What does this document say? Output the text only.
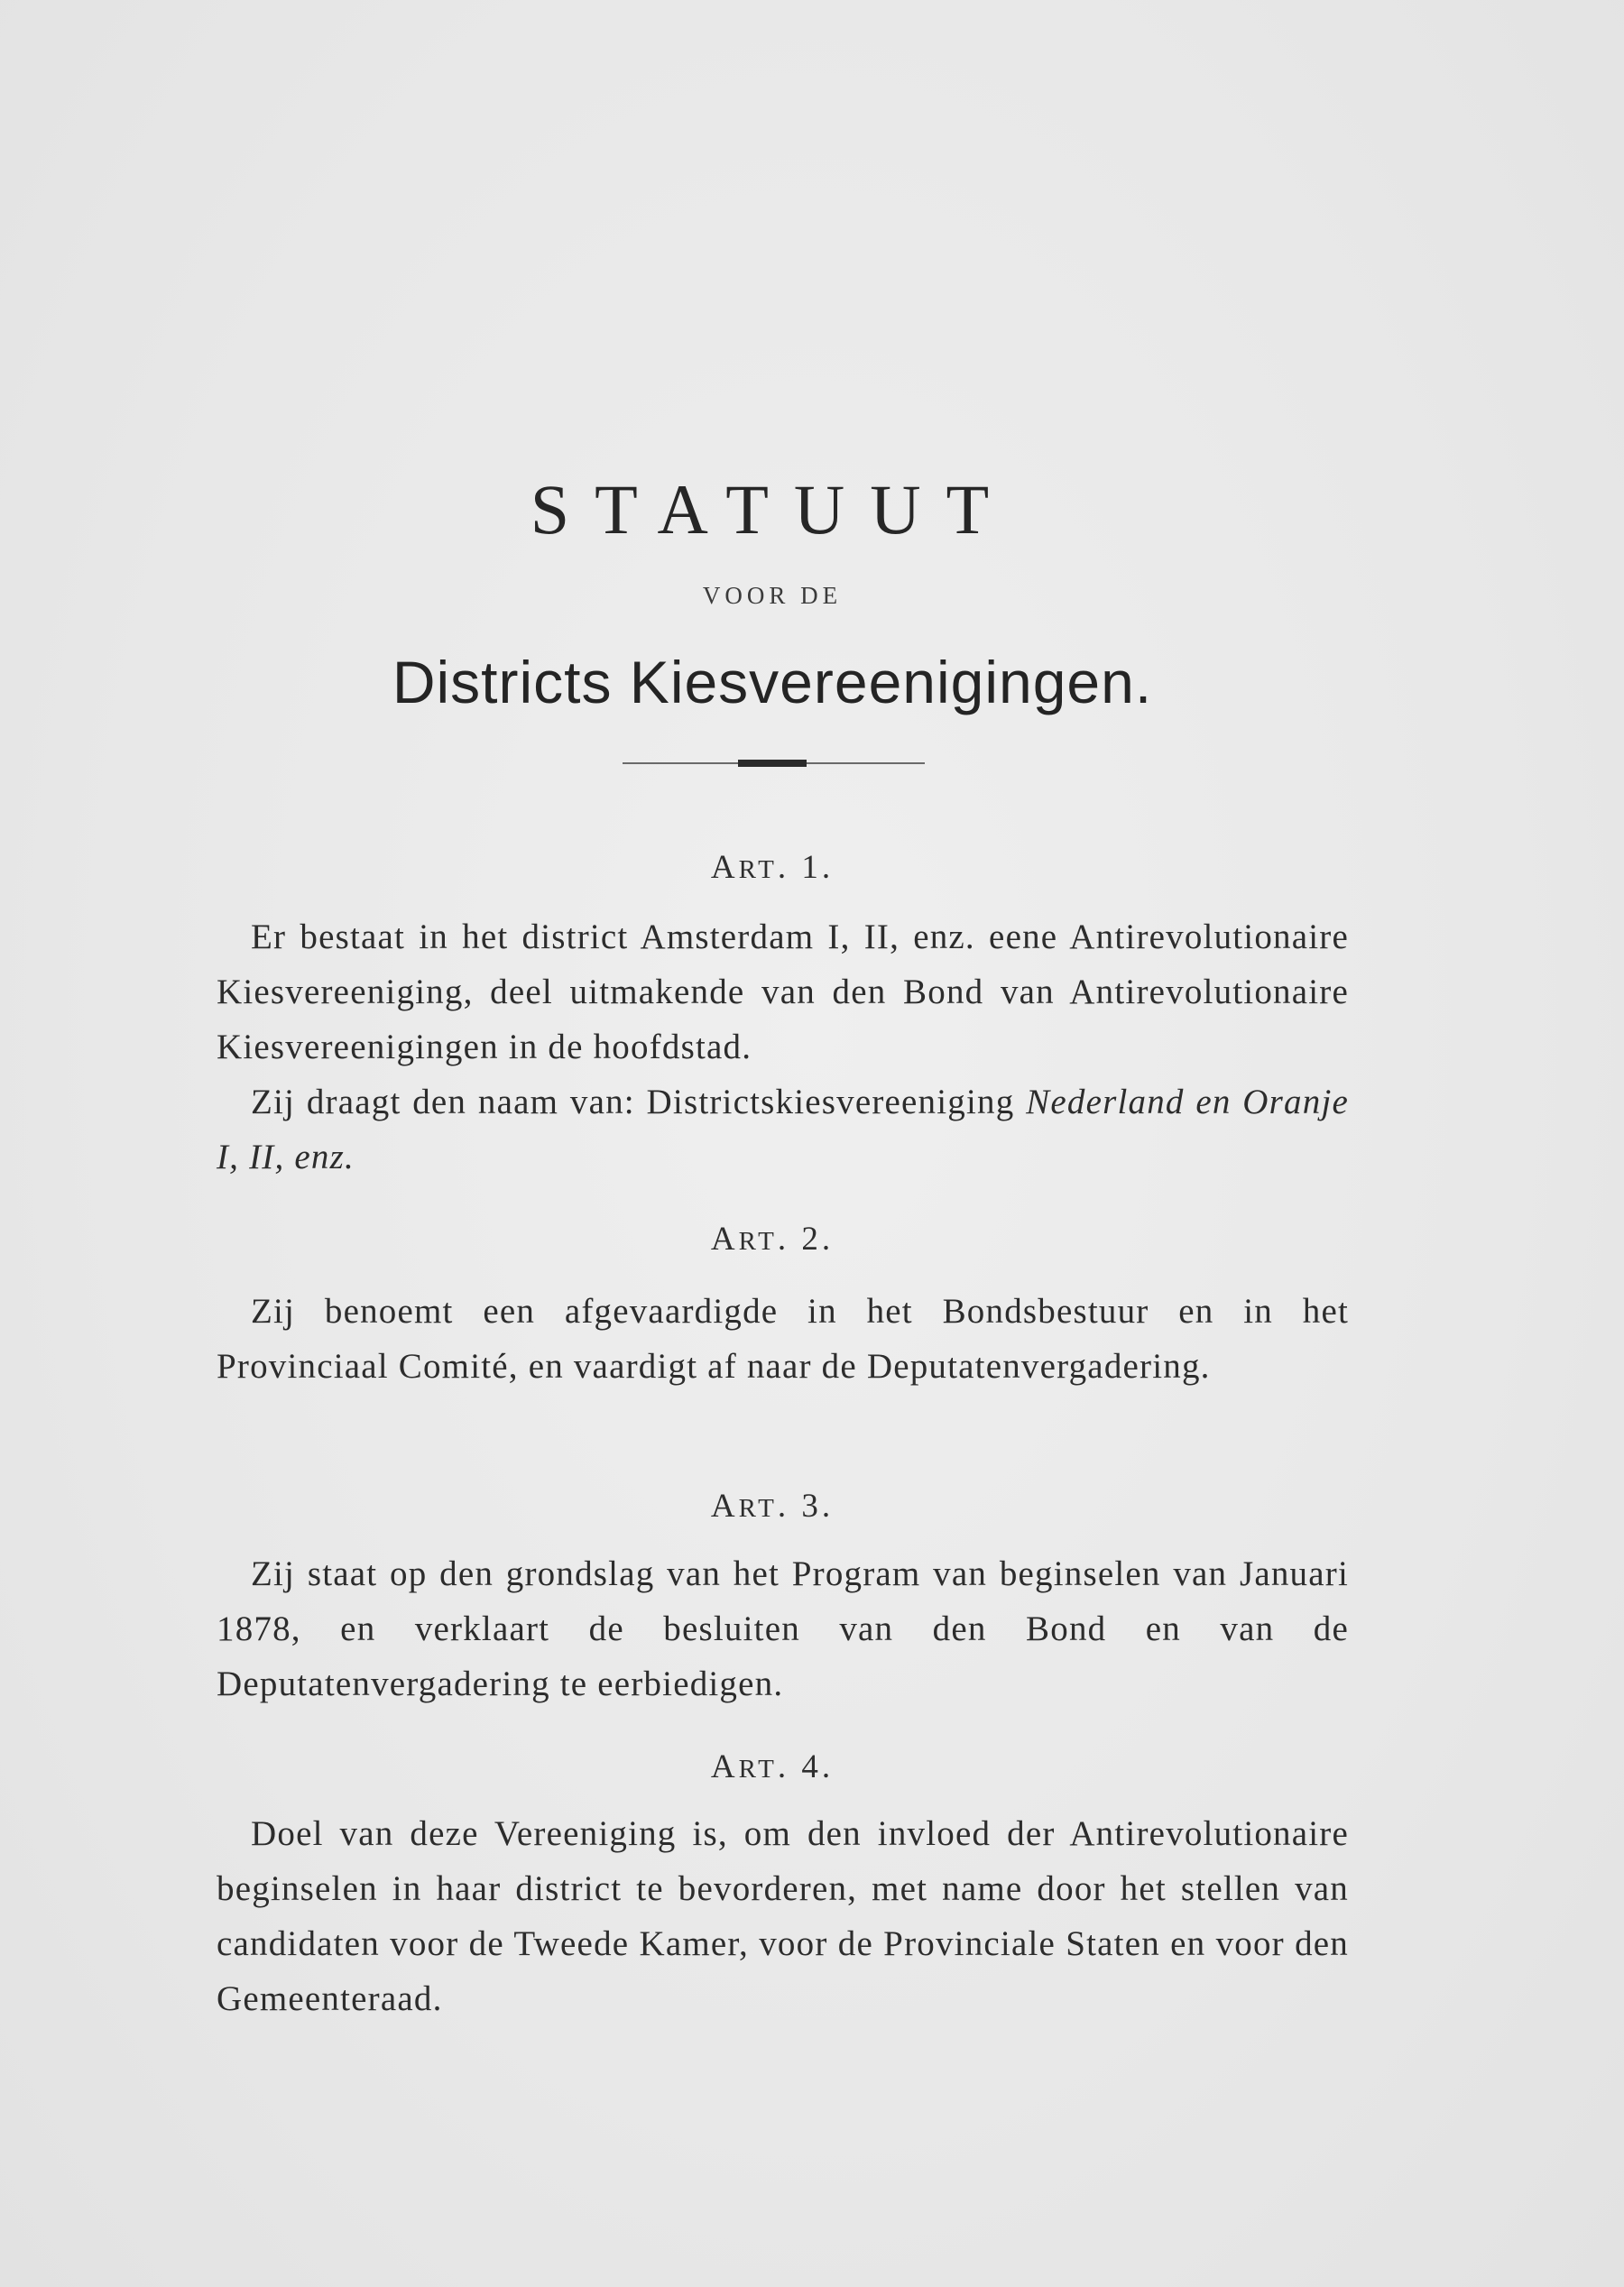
STATUUT
VOOR DE
Districts Kiesvereenigingen.
ART. 1.
Er bestaat in het district Amsterdam I, II, enz. eene Antirevolutionaire Kiesvereeniging, deel uitmakende van den Bond van Antirevolutionaire Kiesvereenigingen in de hoofdstad.
Zij draagt den naam van: Districtskiesvereeniging Nederland en Oranje I, II, enz.
ART. 2.
Zij benoemt een afgevaardigde in het Bondsbestuur en in het Provinciaal Comité, en vaardigt af naar de Deputatenvergadering.
ART. 3.
Zij staat op den grondslag van het Program van beginselen van Januari 1878, en verklaart de besluiten van den Bond en van de Deputatenvergadering te eerbiedigen.
ART. 4.
Doel van deze Vereeniging is, om den invloed der Antirevolutionaire beginselen in haar district te bevorderen, met name door het stellen van candidaten voor de Tweede Kamer, voor de Provinciale Staten en voor den Gemeenteraad.
